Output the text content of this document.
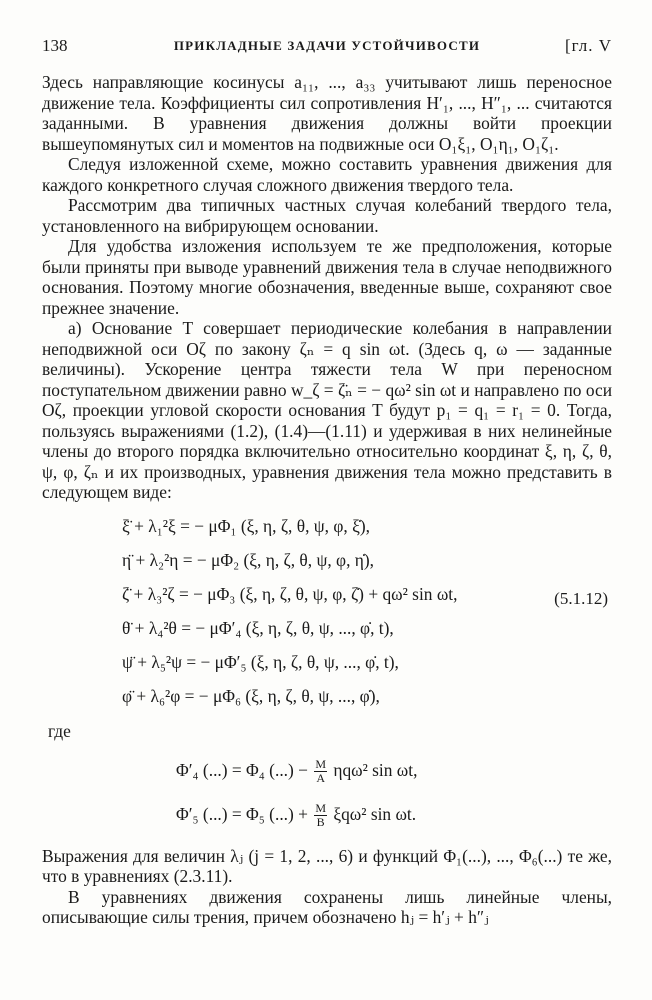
138	ПРИКЛАДНЫЕ ЗАДАЧИ УСТОЙЧИВОСТИ	[гл. V

Здесь направляющие косинусы a₁₁, ..., a₃₃ учитывают лишь переносное движение тела. Коэффициенты сил сопротивления H′₁, ..., H″₁, ... считаются заданными. В уравнения движения должны войти проекции вышеупомянутых сил и моментов на подвижные оси O₁ξ₁, O₁η₁, O₁ζ₁.

Следуя изложенной схеме, можно составить уравнения движения для каждого конкретного случая сложного движения твердого тела.

Рассмотрим два типичных частных случая колебаний твердого тела, установленного на вибрирующем основании.

Для удобства изложения используем те же предположения, которые были приняты при выводе уравнений движения тела в случае неподвижного основания. Поэтому многие обозначения, введенные выше, сохраняют свое прежнее значение.

а) Основание T совершает периодические колебания в направлении неподвижной оси Oζ по закону ζₙ = q sin ωt. (Здесь q, ω — заданные величины). Ускорение центра тяжести тела W при переносном поступательном движении равно w_ζ = ζ̈ₙ = − qω² sin ωt и направлено по оси Oζ, проекции угловой скорости основания T будут p₁ = q₁ = r₁ = 0. Тогда, пользуясь выражениями (1.2), (1.4)—(1.11) и удерживая в них нелинейные члены до второго порядка включительно относительно координат ξ, η, ζ, θ, ψ, φ, ζₙ и их производных, уравнения движения тела можно представить в следующем виде:

ξ̈ + λ₁²ξ = − μΦ₁ (ξ, η, ζ, θ, ψ, φ, ξ̇),
η̈ + λ₂²η = − μΦ₂ (ξ, η, ζ, θ, ψ, φ, η̇),
ζ̈ + λ₃²ζ = − μΦ₃ (ξ, η, ζ, θ, ψ, φ, ζ̇) + qω² sin ωt,
θ̈ + λ₄²θ = − μΦ′₄ (ξ, η, ζ, θ, ψ, ..., φ̇, t),
ψ̈ + λ₅²ψ = − μΦ′₅ (ξ, η, ζ, θ, ψ, ..., φ̇, t),
φ̈ + λ₆²φ = − μΦ₆ (ξ, η, ζ, θ, ψ, ..., φ̇),
(5.1.12)
где
Φ′₄ (...) = Φ₄ (...) − $\frac{M}{A} \eta q\omega^2$ sin ωt,
Φ′₅ (...) = Φ₅ (...) + $\frac{M}{B} \xi q\omega^2$ sin ωt.

Выражения для величин λⱼ (j = 1, 2, ..., 6) и функций Φ₁(...), ..., Φ₆(...) те же, что в уравнениях (2.3.11).

В уравнениях движения сохранены лишь линейные члены, описывающие силы трения, причем обозначено hⱼ = h′ⱼ + h″ⱼ
